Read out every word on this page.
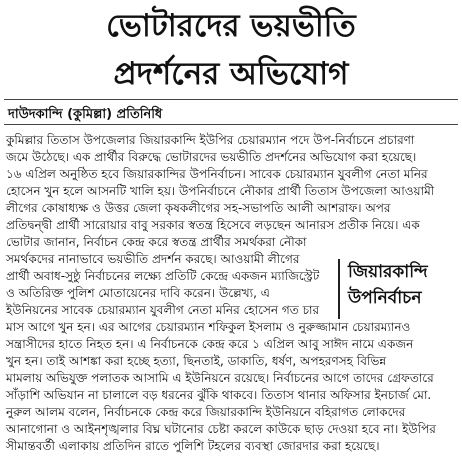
ভোটারদের ভয়ভীতি
প্রদর্শনের অভিযোগ
দাউদকান্দি (কুমিল্লা) প্রতিনিধি
কুমিল্লার তিতাস উপজেলার জিয়ারকান্দি ইউপির চেয়ারম্যান পদে উপ-নির্বাচনে প্রচারণা
জমে উঠেছে। এক প্রার্থীর বিরুদ্ধে ভোটারদের ভয়ভীতি প্রদর্শনের অভিযোগ করা হয়েছে।
১৬ এপ্রিল অনুষ্ঠিত হবে জিয়ারকান্দির উপনির্বাচন। সাবেক চেয়ারম্যান যুবলীগ নেতা মনির
হোসেন খুন হলে আসনটি খালি হয়। উপনির্বাচনে নৌকার প্রার্থী তিতাস উপজেলা আওয়ামী
লীগের কোষাধ্যক্ষ ও উত্তর জেলা কৃষকলীগের সহ-সভাপতি আলী আশরাফ। অপর
প্রতিদ্বন্দ্বী প্রার্থী সারোয়ার বাবু সরকার স্বতন্ত্র হিসেবে লড়ছেন আনারস প্রতীক নিয়ে। এক
ভোটার জানান, নির্বাচন কেন্দ্র করে স্বতন্ত্র প্রার্থীর সমর্থকরা নৌকা
সমর্থকদের নানাভাবে ভয়ভীতি প্রদর্শন করছে। আওয়ামী লীগের
প্রার্থী অবাধ-সুষ্ঠু নির্বাচনের লক্ষ্যে প্রতিটি কেন্দ্রে একজন ম্যাজিস্ট্রেট
ও অতিরিক্ত পুলিশ মোতায়েনের দাবি করেন। উল্লেখ্য, এ
ইউনিয়নের সাবেক চেয়ারম্যান যুবলীগ নেতা মনির হোসেন গত চার
মাস আগে খুন হন। এর আগের চেয়ারম্যান শফিকুল ইসলাম ও নুরুজ্জামান চেয়ারম্যানও
সন্ত্রাসীদের হাতে নিহত হন। এ নির্বাচনকে কেন্দ্র করে ১ এপ্রিল আবু সাঈদ নামে একজন
খুন হন। তাই আশঙ্কা করা হচ্ছে হত্যা, ছিনতাই, ডাকাতি, ধর্ষণ, অপহরণসহ বিভিন্ন
মামলায় অভিযুক্ত পলাতক আসামি এ ইউনিয়নে রয়েছে। নির্বাচনের আগে তাদের গ্রেফতারে
সাঁড়াশি অভিযান না চালালে বড় ধরনের ঝুঁকি থাকবে। তিতাস থানার অফিসার ইনচার্জ মো.
নুরুল আলম বলেন, নির্বাচনকে কেন্দ্র করে জিয়ারকান্দি ইউনিয়নে বহিরাগত লোকদের
আনাগোনা ও আইনশৃঙ্খলার বিঘ্ন ঘটানোর চেষ্টা করলে কাউকে ছাড় দেওয়া হবে না। ইউপির
সীমান্তবর্তী এলাকায় প্রতিদিন রাতে পুলিশি টহলের ব্যবস্থা জোরদার করা হয়েছে।
জিয়ারকান্দি
উপনির্বাচন
